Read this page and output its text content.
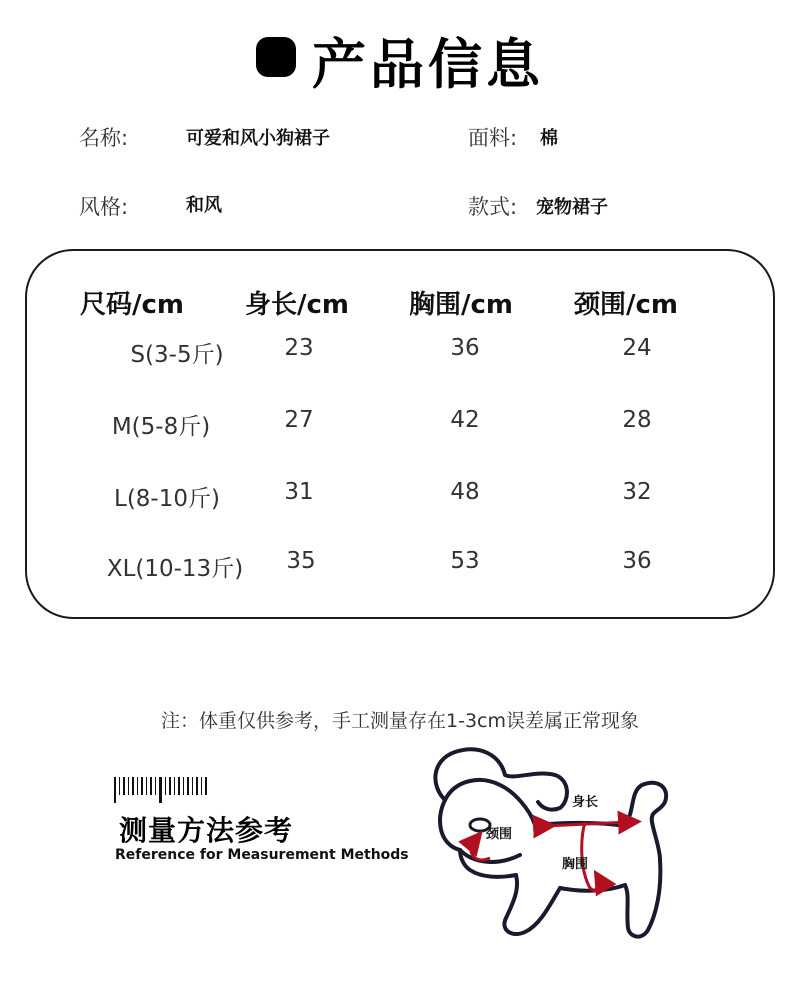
产品信息
名称:	可爱和风小狗裙子	面料: 棉
风格:	和风	款式: 宠物裙子
尺码/cm 身长/cm 胸围/cm 颈围/cm
S(3-5斤)	23	36	24
M(5-8斤)	27	42	28
L(8-10斤)	31	48	32
XL(10-13斤)	35	53	36
注：体重仅供参考，手工测量存在1-3cm误差属正常现象
测量方法参考
Reference for Measurement Methods
身长
颈围
胸围
